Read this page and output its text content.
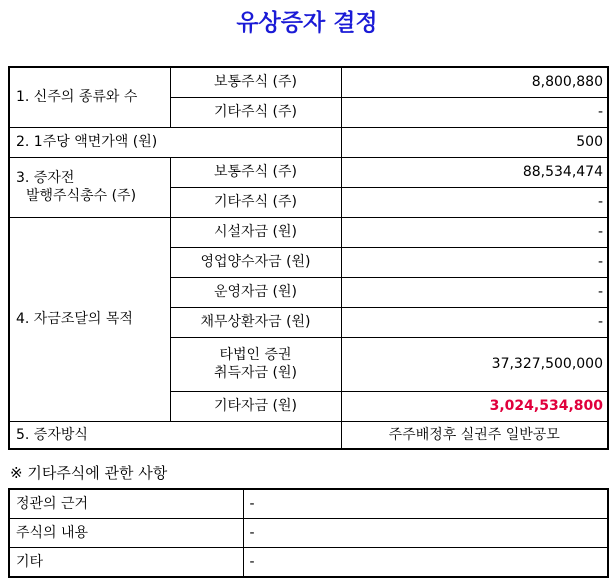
유상증자 결정
1. 신주의 종류와 수	보통주식 (주)	8,800,880
	기타주식 (주)	-
2. 1주당 액면가액 (원)		500

3. 증자전
발행주식총수 (주)	보통주식 (주)	88,534,474
	기타주식 (주)	-
4. 자금조달의 목적	시설자금 (원)	-
	영업양수자금 (원)	-
	운영자금 (원)	-
	채무상환자금 (원)	-

	타법인 증권
취득자금 (원)	37,327,500,000
	기타자금 (원)	3,024,534,800
5. 증자방식		주주배정후 실권주 일반공모
※ 기타주식에 관한 사항
정관의 근거	-
주식의 내용	-
기타	-
